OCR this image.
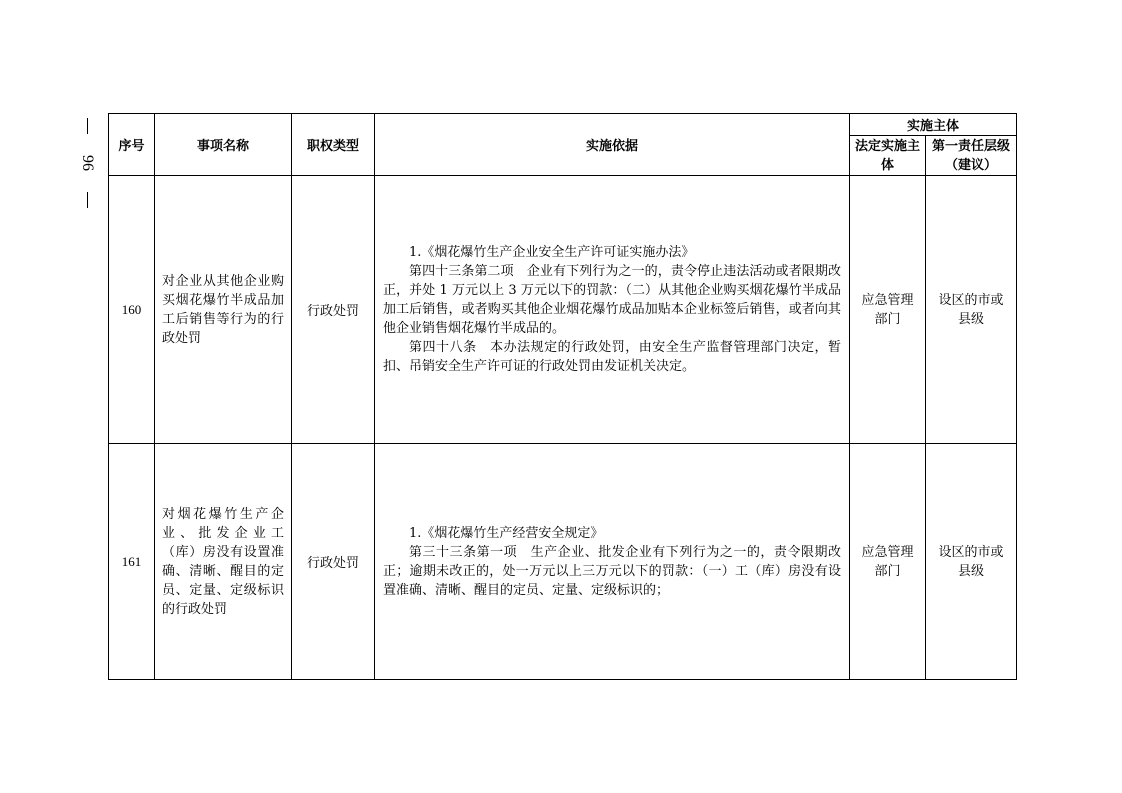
96
序号	事项名称	职权类型	实施依据	实施主体	
				法定实施主体	第一责任层级（建议）
160	对企业从其他企业购买烟花爆竹半成品加工后销售等行为的行政处罚	行政处罚	1.《烟花爆竹生产企业安全生产许可证实施办法》

第四十三条第二项　企业有下列行为之一的，责令停止违法活动或者限期改正，并处 1 万元以上 3 万元以下的罚款：（二）从其他企业购买烟花爆竹半成品加工后销售，或者购买其他企业烟花爆竹成品加贴本企业标签后销售，或者向其他企业销售烟花爆竹半成品的。

第四十八条　本办法规定的行政处罚，由安全生产监督管理部门决定，暂扣、吊销安全生产许可证的行政处罚由发证机关决定。	应急管理部门	设区的市或县级
161	对烟花爆竹生产企业、批发企业工（库）房没有设置准确、清晰、醒目的定员、定量、定级标识的行政处罚	行政处罚	1.《烟花爆竹生产经营安全规定》

第三十三条第一项　生产企业、批发企业有下列行为之一的，责令限期改正；逾期未改正的，处一万元以上三万元以下的罚款：（一）工（库）房没有设置准确、清晰、醒目的定员、定量、定级标识的；	应急管理部门	设区的市或县级
